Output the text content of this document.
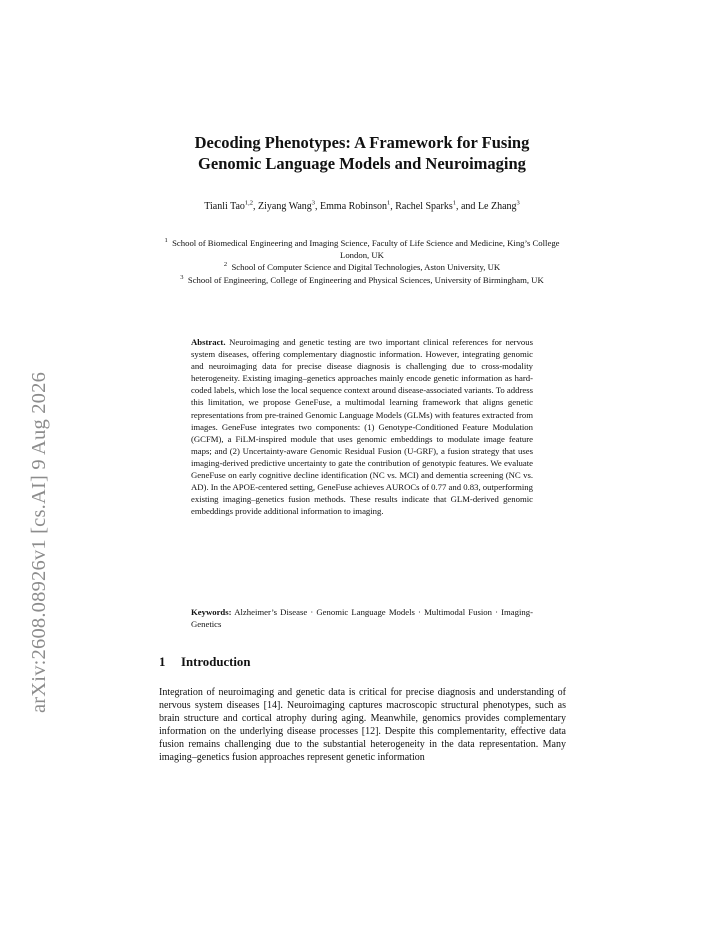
arXiv:2608.08926v1 [cs.AI] 9 Aug 2026
Decoding Phenotypes: A Framework for Fusing
Genomic Language Models and Neuroimaging
Tianli Tao$^{1,2}$, Ziyang Wang$^3$, Emma Robinson$^1$, Rachel Sparks$^1$, and Le Zhang$^3$

$^1$ School of Biomedical Engineering and Imaging Science, Faculty of Life Science and Medicine, King’s College London, UK

$^2$ School of Computer Science and Digital Technologies, Aston University, UK

$^3$ School of Engineering, College of Engineering and Physical Sciences, University of Birmingham, UK

Abstract. Neuroimaging and genetic testing are two important clinical references for nervous system diseases, offering complementary diagnostic information. However, integrating genomic and neuroimaging data for precise disease diagnosis is challenging due to cross-modality heterogeneity. Existing imaging–genetics approaches mainly encode genetic information as hard-coded labels, which lose the local sequence context around disease-associated variants. To address this limitation, we propose GeneFuse, a multimodal learning framework that aligns genetic representations from pre-trained Genomic Language Models (GLMs) with features extracted from images. GeneFuse integrates two components: (1) Genotype-Conditioned Feature Modulation (GCFM), a FiLM-inspired module that uses genomic embeddings to modulate image feature maps; and (2) Uncertainty-aware Genomic Residual Fusion (U-GRF), a fusion strategy that uses imaging-derived predictive uncertainty to gate the contribution of genotypic features. We evaluate GeneFuse on early cognitive decline identification (NC vs. MCI) and dementia screening (NC vs. AD). In the APOE-centered setting, GeneFuse achieves AUROCs of 0.77 and 0.83, outperforming existing imaging–genetics fusion methods. These results indicate that GLM-derived genomic embeddings provide additional information to imaging.
Keywords: Alzheimer’s Disease · Genomic Language Models · Multimodal Fusion · Imaging-Genetics
1 Introduction
Integration of neuroimaging and genetic data is critical for precise diagnosis and understanding of nervous system diseases [14]. Neuroimaging captures macroscopic structural phenotypes, such as brain structure and cortical atrophy during aging. Meanwhile, genomics provides complementary information on the underlying disease processes [12]. Despite this complementarity, effective data fusion remains challenging due to the substantial heterogeneity in the data representation. Many imaging–genetics fusion approaches represent genetic information
